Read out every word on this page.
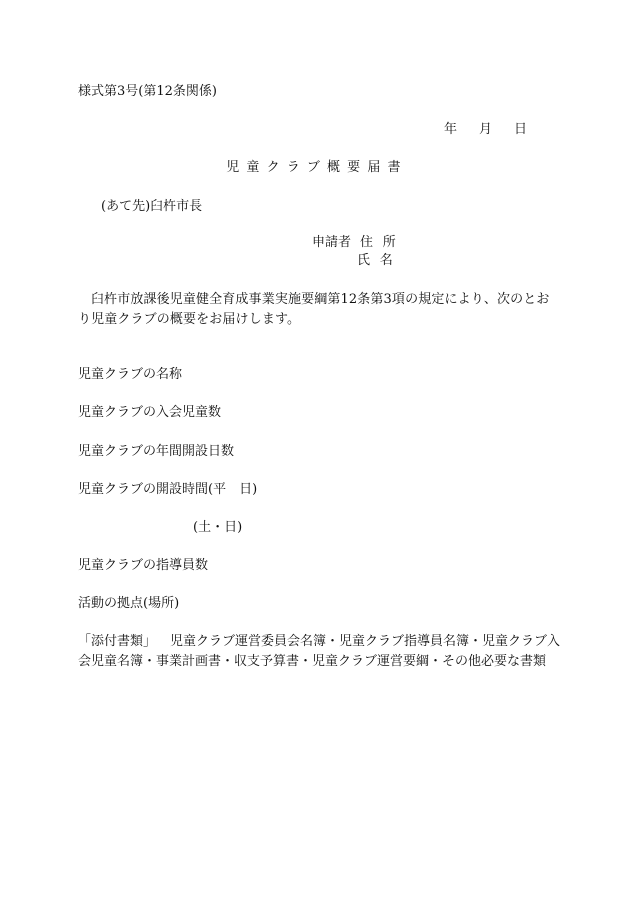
様式第3号(第12条関係)
年 月 日
児童クラブ概要届書
(あて先)臼杵市長
申請者 住所
氏名
臼杵市放課後児童健全育成事業実施要綱第12条第3項の規定により、次のとおり児童クラブの概要をお届けします。
児童クラブの名称
児童クラブの入会児童数
児童クラブの年間開設日数
児童クラブの開設時間(平　日)
(土・日)
児童クラブの指導員数
活動の拠点(場所)
「添付書類」 児童クラブ運営委員会名簿・児童クラブ指導員名簿・児童クラブ入会児童名簿・事業計画書・収支予算書・児童クラブ運営要綱・その他必要な書類
